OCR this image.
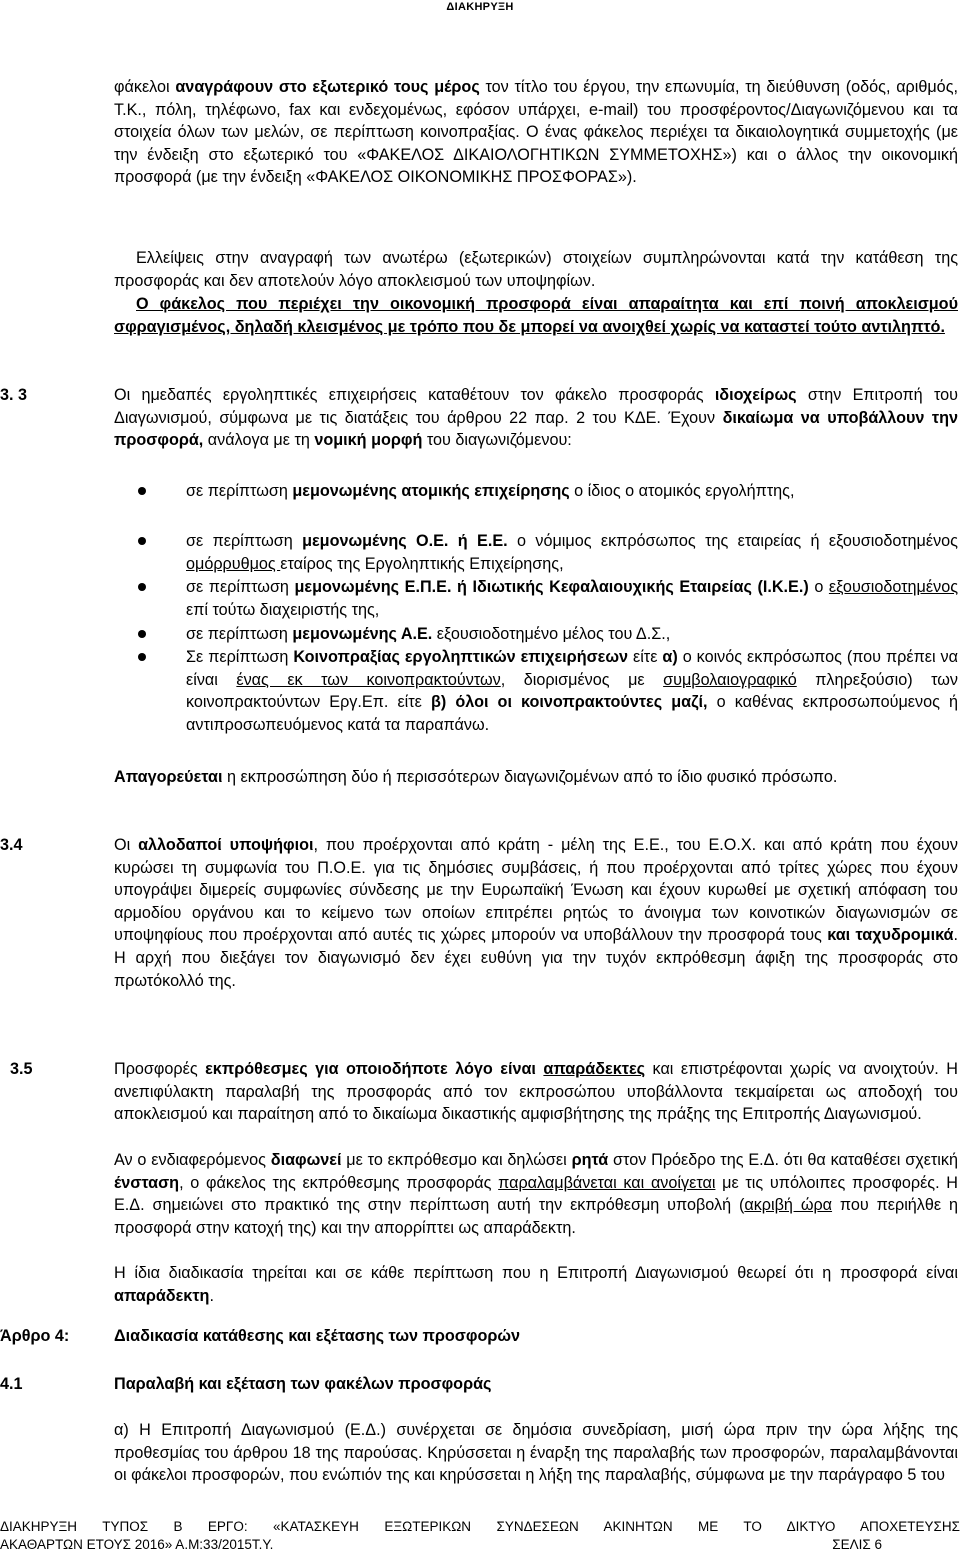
ΔΙΑΚΗΡΥΞΗ
φάκελοι αναγράφουν στο εξωτερικό τους μέρος τον τίτλο του έργου, την επωνυμία, τη διεύθυνση (οδός, αριθμός, Τ.Κ., πόλη, τηλέφωνο, fax και ενδεχομένως, εφόσον υπάρχει, e-mail) του προσφέροντος/Διαγωνιζόμενου και τα στοιχεία όλων των μελών, σε περίπτωση κοινοπραξίας. Ο ένας φάκελος περιέχει τα δικαιολογητικά συμμετοχής (με την ένδειξη στο εξωτερικό του «ΦΑΚΕΛΟΣ ΔΙΚΑΙΟΛΟΓΗΤΙΚΩΝ ΣΥΜΜΕΤΟΧΗΣ») και ο άλλος την οικονομική προσφορά (με την ένδειξη «ΦΑΚΕΛΟΣ ΟΙΚΟΝΟΜΙΚΗΣ ΠΡΟΣΦΟΡΑΣ»).
Ελλείψεις στην αναγραφή των ανωτέρω (εξωτερικών) στοιχείων συμπληρώνονται κατά την κατάθεση της προσφοράς και δεν αποτελούν λόγο αποκλεισμού των υποψηφίων.
Ο φάκελος που περιέχει την οικονομική προσφορά είναι απαραίτητα και επί ποινή αποκλεισμού σφραγισμένος, δηλαδή κλεισμένος με τρόπο που δε μπορεί να ανοιχθεί χωρίς να καταστεί τούτο αντιληπτό.
3. 3	Οι ημεδαπές εργοληπτικές επιχειρήσεις καταθέτουν τον φάκελο προσφοράς ιδιοχείρως στην Επιτροπή του Διαγωνισμού, σύμφωνα με τις διατάξεις του άρθρου 22 παρ. 2 του ΚΔΕ. Έχουν δικαίωμα να υποβάλλουν την προσφορά, ανάλογα με τη νομική μορφή του διαγωνιζόμενου:
σε περίπτωση μεμονωμένης ατομικής επιχείρησης ο ίδιος ο ατομικός εργολήπτης,
σε περίπτωση μεμονωμένης Ο.Ε. ή Ε.Ε. ο νόμιμος εκπρόσωπος της εταιρείας ή εξουσιοδοτημένος ομόρρυθμος εταίρος της Εργοληπτικής Επιχείρησης,
σε περίπτωση μεμονωμένης Ε.Π.Ε. ή Ιδιωτικής Κεφαλαιουχικής Εταιρείας (Ι.Κ.Ε.) ο εξουσιοδοτημένος επί τούτω διαχειριστής της,
σε περίπτωση μεμονωμένης Α.Ε. εξουσιοδοτημένο μέλος του Δ.Σ.,
Σε περίπτωση Κοινοπραξίας εργοληπτικών επιχειρήσεων είτε α) ο κοινός εκπρόσωπος (που πρέπει να είναι ένας εκ των κοινοπρακτούντων, διορισμένος με συμβολαιογραφικό πληρεξούσιο) των κοινοπρακτούντων Εργ.Επ. είτε β) όλοι οι κοινοπρακτούντες μαζί, ο καθένας εκπροσωπούμενος ή αντιπροσωπευόμενος κατά τα παραπάνω.
Απαγορεύεται η εκπροσώπηση δύο ή περισσότερων διαγωνιζομένων από το ίδιο φυσικό πρόσωπο.
3.4	Οι αλλοδαποί υποψήφιοι, που προέρχονται από κράτη - μέλη της Ε.Ε., του Ε.Ο.Χ. και από κράτη που έχουν κυρώσει τη συμφωνία του Π.Ο.Ε. για τις δημόσιες συμβάσεις, ή που προέρχονται από τρίτες χώρες που έχουν υπογράψει διμερείς συμφωνίες σύνδεσης με την Ευρωπαϊκή Ένωση και έχουν κυρωθεί με σχετική απόφαση του αρμοδίου οργάνου και το κείμενο των οποίων επιτρέπει ρητώς το άνοιγμα των κοινοτικών διαγωνισμών σε υποψηφίους που προέρχονται από αυτές τις χώρες μπορούν να υποβάλλουν την προσφορά τους και ταχυδρομικά. Η αρχή που διεξάγει τον διαγωνισμό δεν έχει ευθύνη για την τυχόν εκπρόθεσμη άφιξη της προσφοράς στο πρωτόκολλό της.
3.5	Προσφορές εκπρόθεσμες για οποιοδήποτε λόγο είναι απαράδεκτες και επιστρέφονται χωρίς να ανοιχτούν. Η ανεπιφύλακτη παραλαβή της προσφοράς από τον εκπροσώπου υποβάλλοντα τεκμαίρεται ως αποδοχή του αποκλεισμού και παραίτηση από το δικαίωμα δικαστικής αμφισβήτησης της πράξης της Επιτροπής Διαγωνισμού.
Αν ο ενδιαφερόμενος διαφωνεί με το εκπρόθεσμο και δηλώσει ρητά στον Πρόεδρο της Ε.Δ. ότι θα καταθέσει σχετική ένσταση, ο φάκελος της εκπρόθεσμης προσφοράς παραλαμβάνεται και ανοίγεται με τις υπόλοιπες προσφορές. Η Ε.Δ. σημειώνει στο πρακτικό της στην περίπτωση αυτή την εκπρόθεσμη υποβολή (ακριβή ώρα που περιήλθε η προσφορά στην κατοχή της) και την απορρίπτει ως απαράδεκτη.
Η ίδια διαδικασία τηρείται και σε κάθε περίπτωση που η Επιτροπή Διαγωνισμού θεωρεί ότι η προσφορά είναι απαράδεκτη.
Άρθρο 4:	Διαδικασία κατάθεσης και εξέτασης των προσφορών
4.1	Παραλαβή και εξέταση των φακέλων προσφοράς
α) Η Επιτροπή Διαγωνισμού (Ε.Δ.) συνέρχεται σε δημόσια συνεδρίαση, μισή ώρα πριν την ώρα λήξης της προθεσμίας του άρθρου 18 της παρούσας. Κηρύσσεται η έναρξη της παραλαβής των προσφορών, παραλαμβάνονται οι φάκελοι προσφορών, που ενώπιόν της και κηρύσσεται η λήξη της παραλαβής, σύμφωνα με την παράγραφο 5 του
ΔΙΑΚΗΡΥΞΗ ΤΥΠΟΣ Β ΕΡΓΟ: «ΚΑΤΑΣΚΕΥΗ ΕΞΩΤΕΡΙΚΩΝ ΣΥΝΔΕΣΕΩΝ ΑΚΙΝΗΤΩΝ ΜΕ ΤΟ ΔΙΚΤΥΟ ΑΠΟΧΕΤΕΥΣΗΣ
ΑΚΑΘΑΡΤΩΝ ΕΤΟΥΣ 2016» Α.Μ:33/2015Τ.Υ.	ΣΕΛΙΣ 6
